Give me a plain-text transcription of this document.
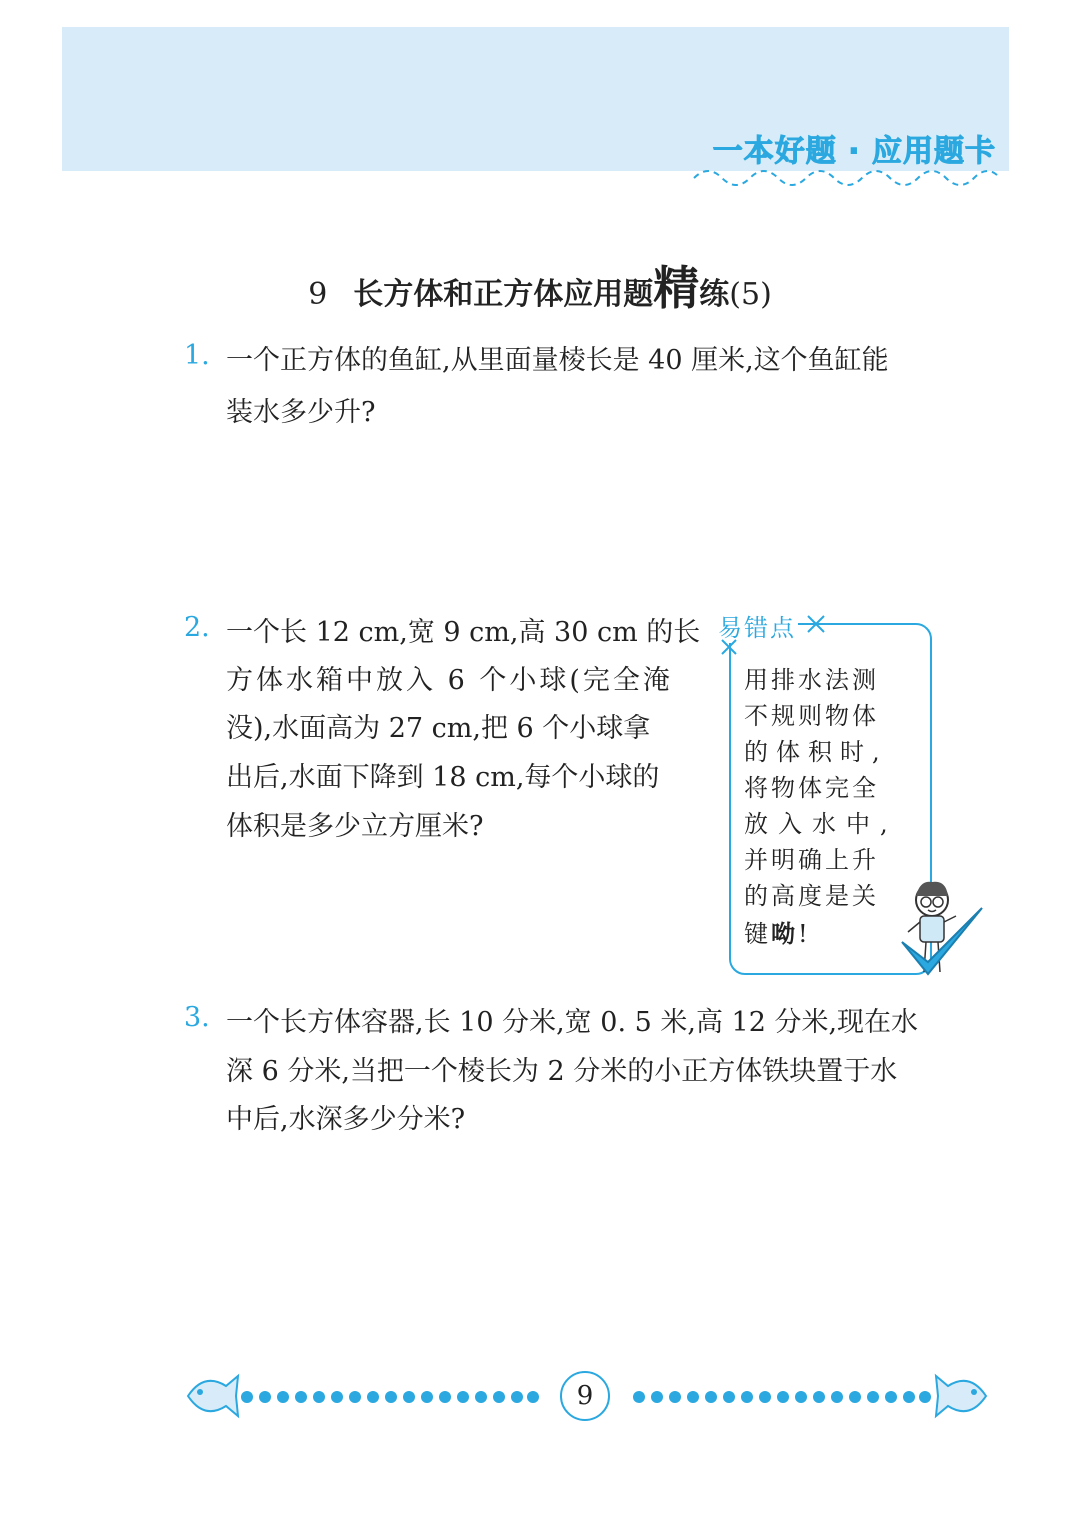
一本好题 · 应用题卡
9 长方体和正方体应用题精练(5)
1. 一个正方体的鱼缸,从里面量棱长是 40 厘米,这个鱼缸能
装水多少升?
2. 一个长 12 cm,宽 9 cm,高 30 cm 的长
方体水箱中放入 6 个小球(完全淹
没),水面高为 27 cm,把 6 个小球拿
出后,水面下降到 18 cm,每个小球的
体积是多少立方厘米?
易错点
用排水法测
不规则物体
的体积时,
将物体完全
放入水中,
并明确上升
的高度是关
键呦!
3. 一个长方体容器,长 10 分米,宽 0. 5 米,高 12 分米,现在水
深 6 分米,当把一个棱长为 2 分米的小正方体铁块置于水
中后,水深多少分米?
9
